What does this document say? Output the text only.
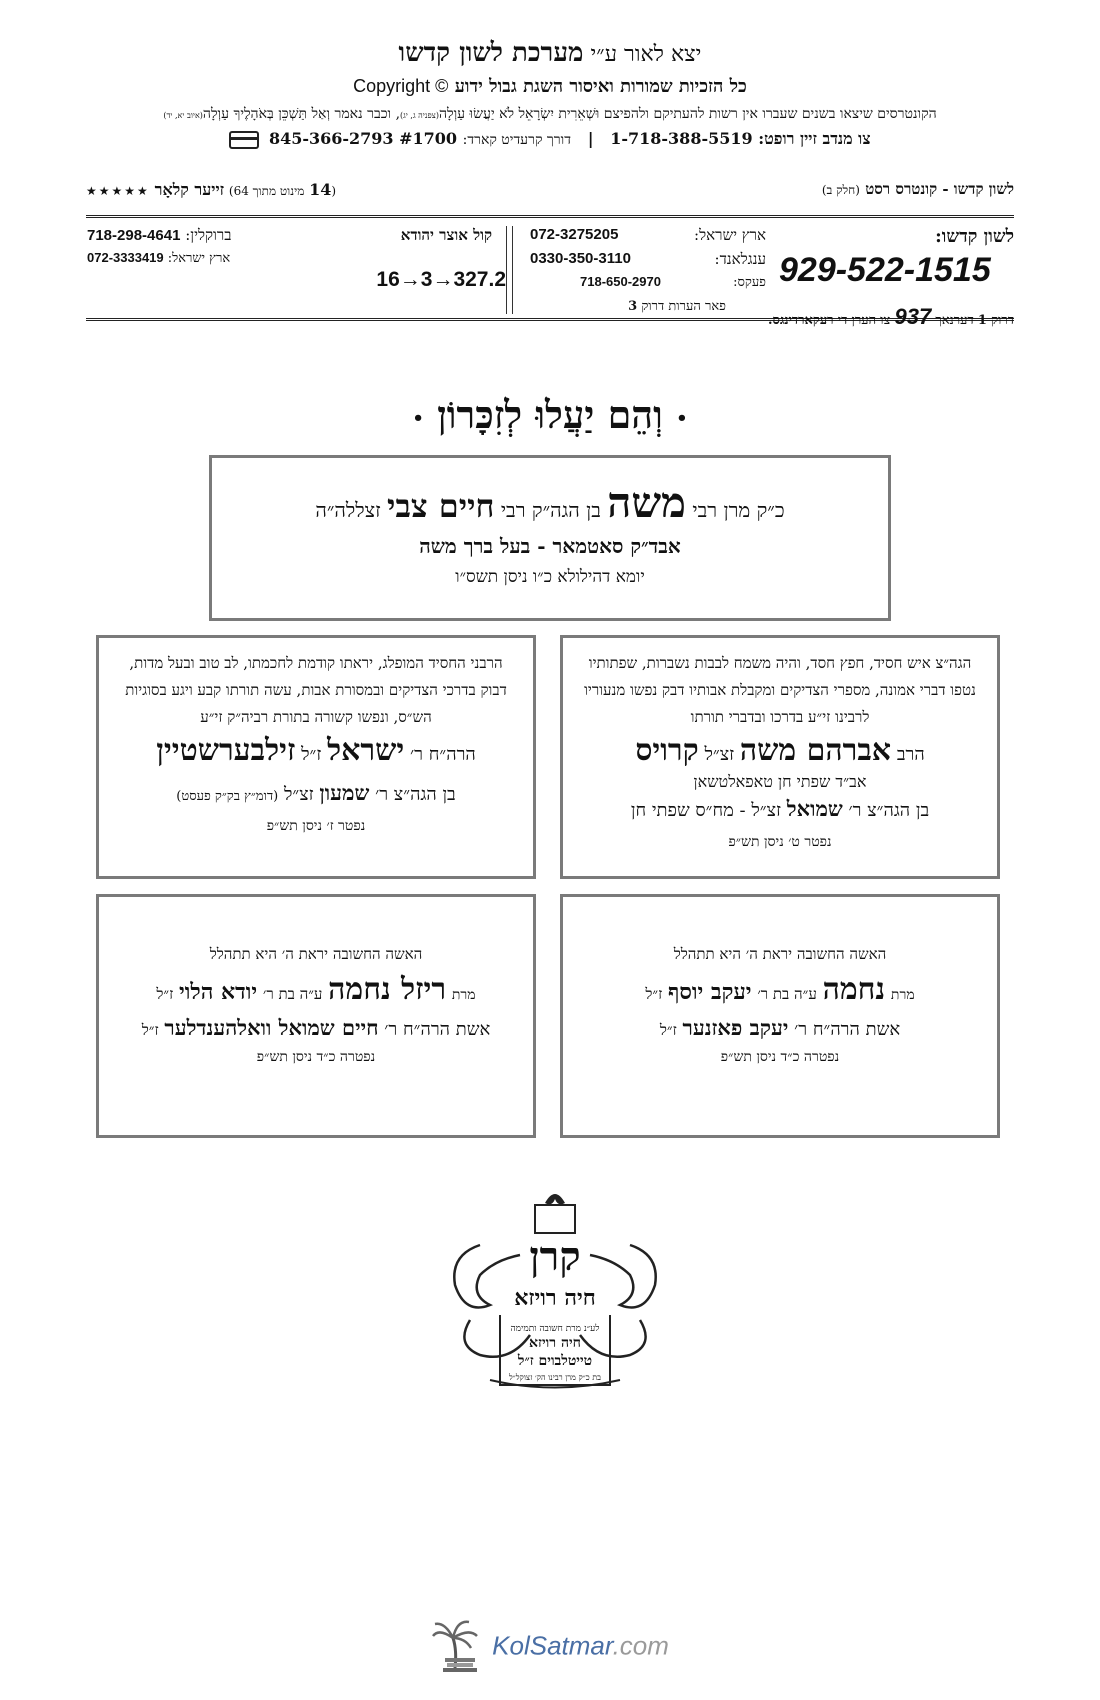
יצא לאור ע״י מערכת לשון קדשו
כל הזכיות שמורות ואיסור השגת גבול ידוע Copyright ©
הקונטרסים שיצאו בשנים שעברו אין רשות להעתיקם ולהפיצם וּשְׁאֵרִית יִשְׂרָאֵל לֹא יַעֲשׂוּ עַוְלָה(צפניה ג, יג), וכבר נאמר וְאַל תַּשְׁכֵּן בְּאֹהָלֶיךָ עַוְלָה(איוב יא, יד)
צו מנדב זיין רופט: 1-718-388-5519   |   דורך קרעדיט קארד: 845-366-2793 #1700
לשון קדשו - קונטרס רסט (חלק ב)
(14 מינוט מתוך 64) זייער קלאָר ★★★★★
לשון קדשו:
929-522-1515
דרוק 1 דערנאך 937 צו הערן די רעקארדינגס.
ארץ ישראל:
072-3275205
ענגלאנד:
0330-350-3110
פעקס:
718-650-2970
פאר הערות דרוק 3
קול אוצר יהודא
ברוקלין: 718-298-4641
ארץ ישראל: 072-3333419
16→3→327.2
• וְהֵם יַעֲלוּ לְזִכָּרוֹן •
כ״ק מרן רבי משה בן הגה״ק רבי חיים צבי זצללה״ה
אבד״ק סאטמאר - בעל ברך משה
יומא דהילולא כ״ו ניסן תשס״ו
הגה״צ איש חסיד, חפץ חסד, והיה משמח לבבות נשברות, שפתותיו נטפו דברי אמונה, מספרי הצדיקים ומקבלת אבותיו דבק נפשו מנעוריו לרבינו זי״ע בדרכו ובדברי תורתו
הרב אברהם משה זצ״ל קרויס
אב״ד שפתי חן טאפאלטשאן
בן הגה״צ ר׳ שמואל זצ״ל - מח״ס שפתי חן
נפטר ט׳ ניסן תש״פ
הרבני החסיד המופלג, יראתו קודמת לחכמתו, לב טוב ובעל מדות, דבוק בדרכי הצדיקים ובמסורת אבות, עשה תורתו קבע ויגע בסוגיות הש״ס, ונפשו קשורה בתורת רביה״ק זי״ע
הרה״ח ר׳ ישראל ז״ל זילבערשטיין
בן הגה״צ ר׳ שמעון זצ״ל (דומ״ץ בק״ק פעסט)
נפטר ז׳ ניסן תש״פ
האשה החשובה יראת ה׳ היא תתהלל
מרת נחמה ע״ה בת ר׳ יעקב יוסף ז״ל
אשת הרה״ח ר׳ יעקב פאזנער ז״ל
נפטרה כ״ד ניסן תש״פ
האשה החשובה יראת ה׳ היא תתהלל
מרת ריזל נחמה ע״ה בת ר׳ יודא הלוי ז״ל
אשת הרה״ח ר׳ חיים שמואל וואלהענדלער ז״ל
נפטרה כ״ד ניסן תש״פ
קרן
חיה רויזא
לע״נ מרת חשובה ותמימה
חיה רויזא
טייטלבוים ז״ל
בת כ״ק מרן רבינו הק׳ זצוקל״ל
KolSatmar.com
